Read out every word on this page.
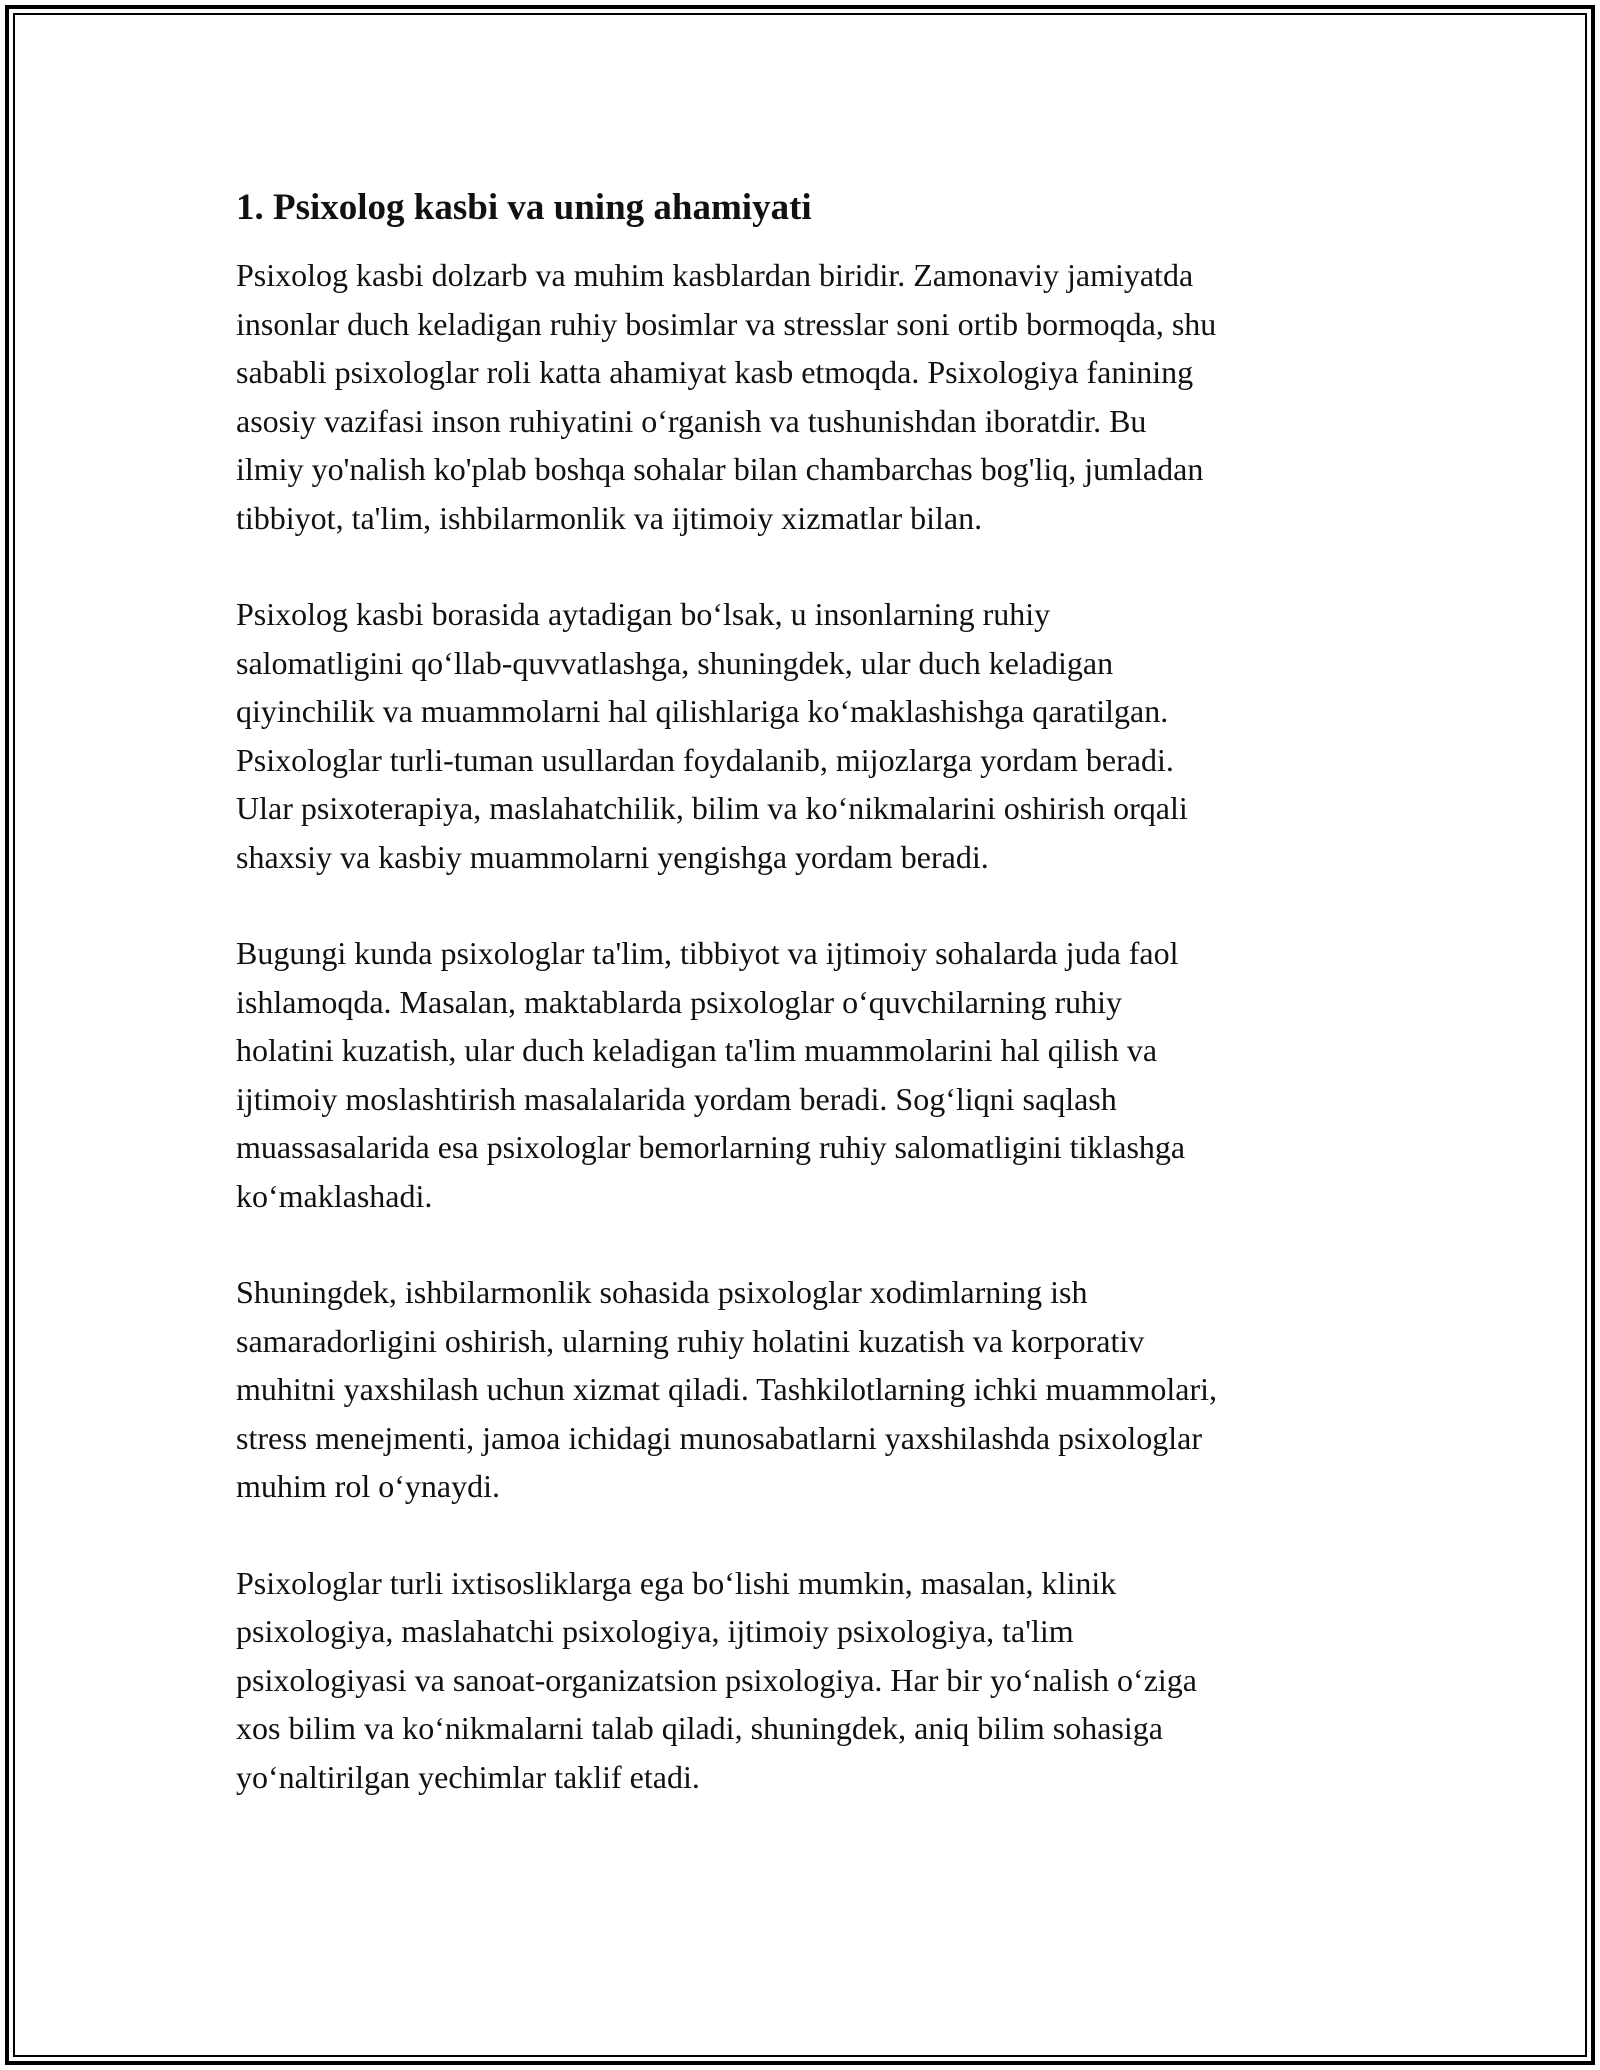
1. Psixolog kasbi va uning ahamiyati
Psixolog kasbi dolzarb va muhim kasblardan biridir. Zamonaviy jamiyatda
insonlar duch keladigan ruhiy bosimlar va stresslar soni ortib bormoqda, shu
sababli psixologlar roli katta ahamiyat kasb etmoqda. Psixologiya fanining
asosiy vazifasi inson ruhiyatini o‘rganish va tushunishdan iboratdir. Bu
ilmiy yo'nalish ko'plab boshqa sohalar bilan chambarchas bog'liq, jumladan
tibbiyot, ta'lim, ishbilarmonlik va ijtimoiy xizmatlar bilan.
Psixolog kasbi borasida aytadigan bo‘lsak, u insonlarning ruhiy
salomatligini qo‘llab-quvvatlashga, shuningdek, ular duch keladigan
qiyinchilik va muammolarni hal qilishlariga ko‘maklashishga qaratilgan.
Psixologlar turli-tuman usullardan foydalanib, mijozlarga yordam beradi.
Ular psixoterapiya, maslahatchilik, bilim va ko‘nikmalarini oshirish orqali
shaxsiy va kasbiy muammolarni yengishga yordam beradi.
Bugungi kunda psixologlar ta'lim, tibbiyot va ijtimoiy sohalarda juda faol
ishlamoqda. Masalan, maktablarda psixologlar o‘quvchilarning ruhiy
holatini kuzatish, ular duch keladigan ta'lim muammolarini hal qilish va
ijtimoiy moslashtirish masalalarida yordam beradi. Sog‘liqni saqlash
muassasalarida esa psixologlar bemorlarning ruhiy salomatligini tiklashga
ko‘maklashadi.
Shuningdek, ishbilarmonlik sohasida psixologlar xodimlarning ish
samaradorligini oshirish, ularning ruhiy holatini kuzatish va korporativ
muhitni yaxshilash uchun xizmat qiladi. Tashkilotlarning ichki muammolari,
stress menejmenti, jamoa ichidagi munosabatlarni yaxshilashda psixologlar
muhim rol o‘ynaydi.
Psixologlar turli ixtisosliklarga ega bo‘lishi mumkin, masalan, klinik
psixologiya, maslahatchi psixologiya, ijtimoiy psixologiya, ta'lim
psixologiyasi va sanoat-organizatsion psixologiya. Har bir yo‘nalish o‘ziga
xos bilim va ko‘nikmalarni talab qiladi, shuningdek, aniq bilim sohasiga
yo‘naltirilgan yechimlar taklif etadi.
